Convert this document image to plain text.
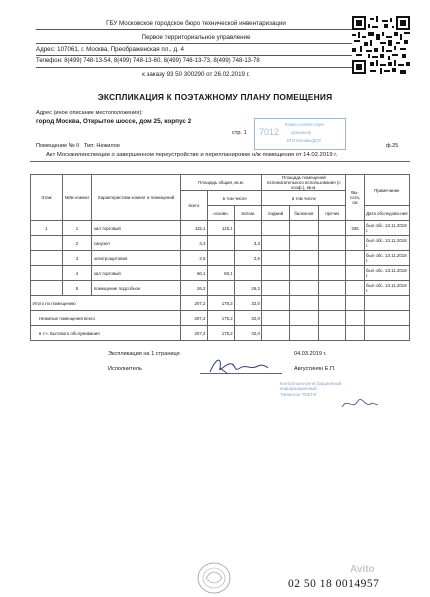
ГБУ Московское городское бюро технической инвентаризации
Первое территориальное управление
Адрес: 107061, г. Москва, Преображенская пл., д. 4
Телефон: 8(499) 748-13-54, 8(499) 748-13-60, 8(499) 748-13-73, 8(499) 748-13-78
к заказу 93 50 300290 от 26.02.2019 г.
ЭКСПЛИКАЦИЯ К ПОЭТАЖНОМУ ПЛАНУ ПОМЕЩЕНИЯ
Адрес (иное описание местоположения):
город Москва, Открытое шоссе, дом 25, корпус 2
стр. 1
Помещение № II Тип: Нежилое	ф.25
Акт Москжилинспекции о завершенном переустройстве и перепланировке н/ж помещения от 14.02.2019 г.
7012
Копия соответствует
оригиналу
БТИ Москвы/ДГИ
Этаж	№№ комнат	Характеристики комнат и помещений	Площадь общая, кв.м.			Площадь помещений вспомогательного использования (с коэф.), кв.м.			Вы-сота, см	Примечание
			всего	в том числе		в том числе				
				основн.	вспом.	лоджий	балконов	прочих		Дата обследова-ния
1	1	зал торговый	115,1	115,1					335	был обс. 13.11.2018 г.
	2	санузел	3,3		3,3					был обс. 13.11.2018 г.
	3	электрощитовая	2,5		2,5					был обс. 13.11.2018 г.
	4	зал торговый	60,1	60,1						был обс. 13.11.2018 г.
	5	помещение подсобное	26,2		26,2					был обс. 13.11.2018 г.
Итого по помещению			207,2	175,2	32,0					
Нежилые помещения всего			207,2	175,2	32,0					
в т.ч. Бытового обслуживания			207,2	175,2	32,0					
Экспликация на 1 странице	04.03.2019 г.
Исполнитель	Августинян Е.П.
Контрольно-регистрационный
информационный
Таганское ТОБТИ
Avito
02 50 18 0014957
